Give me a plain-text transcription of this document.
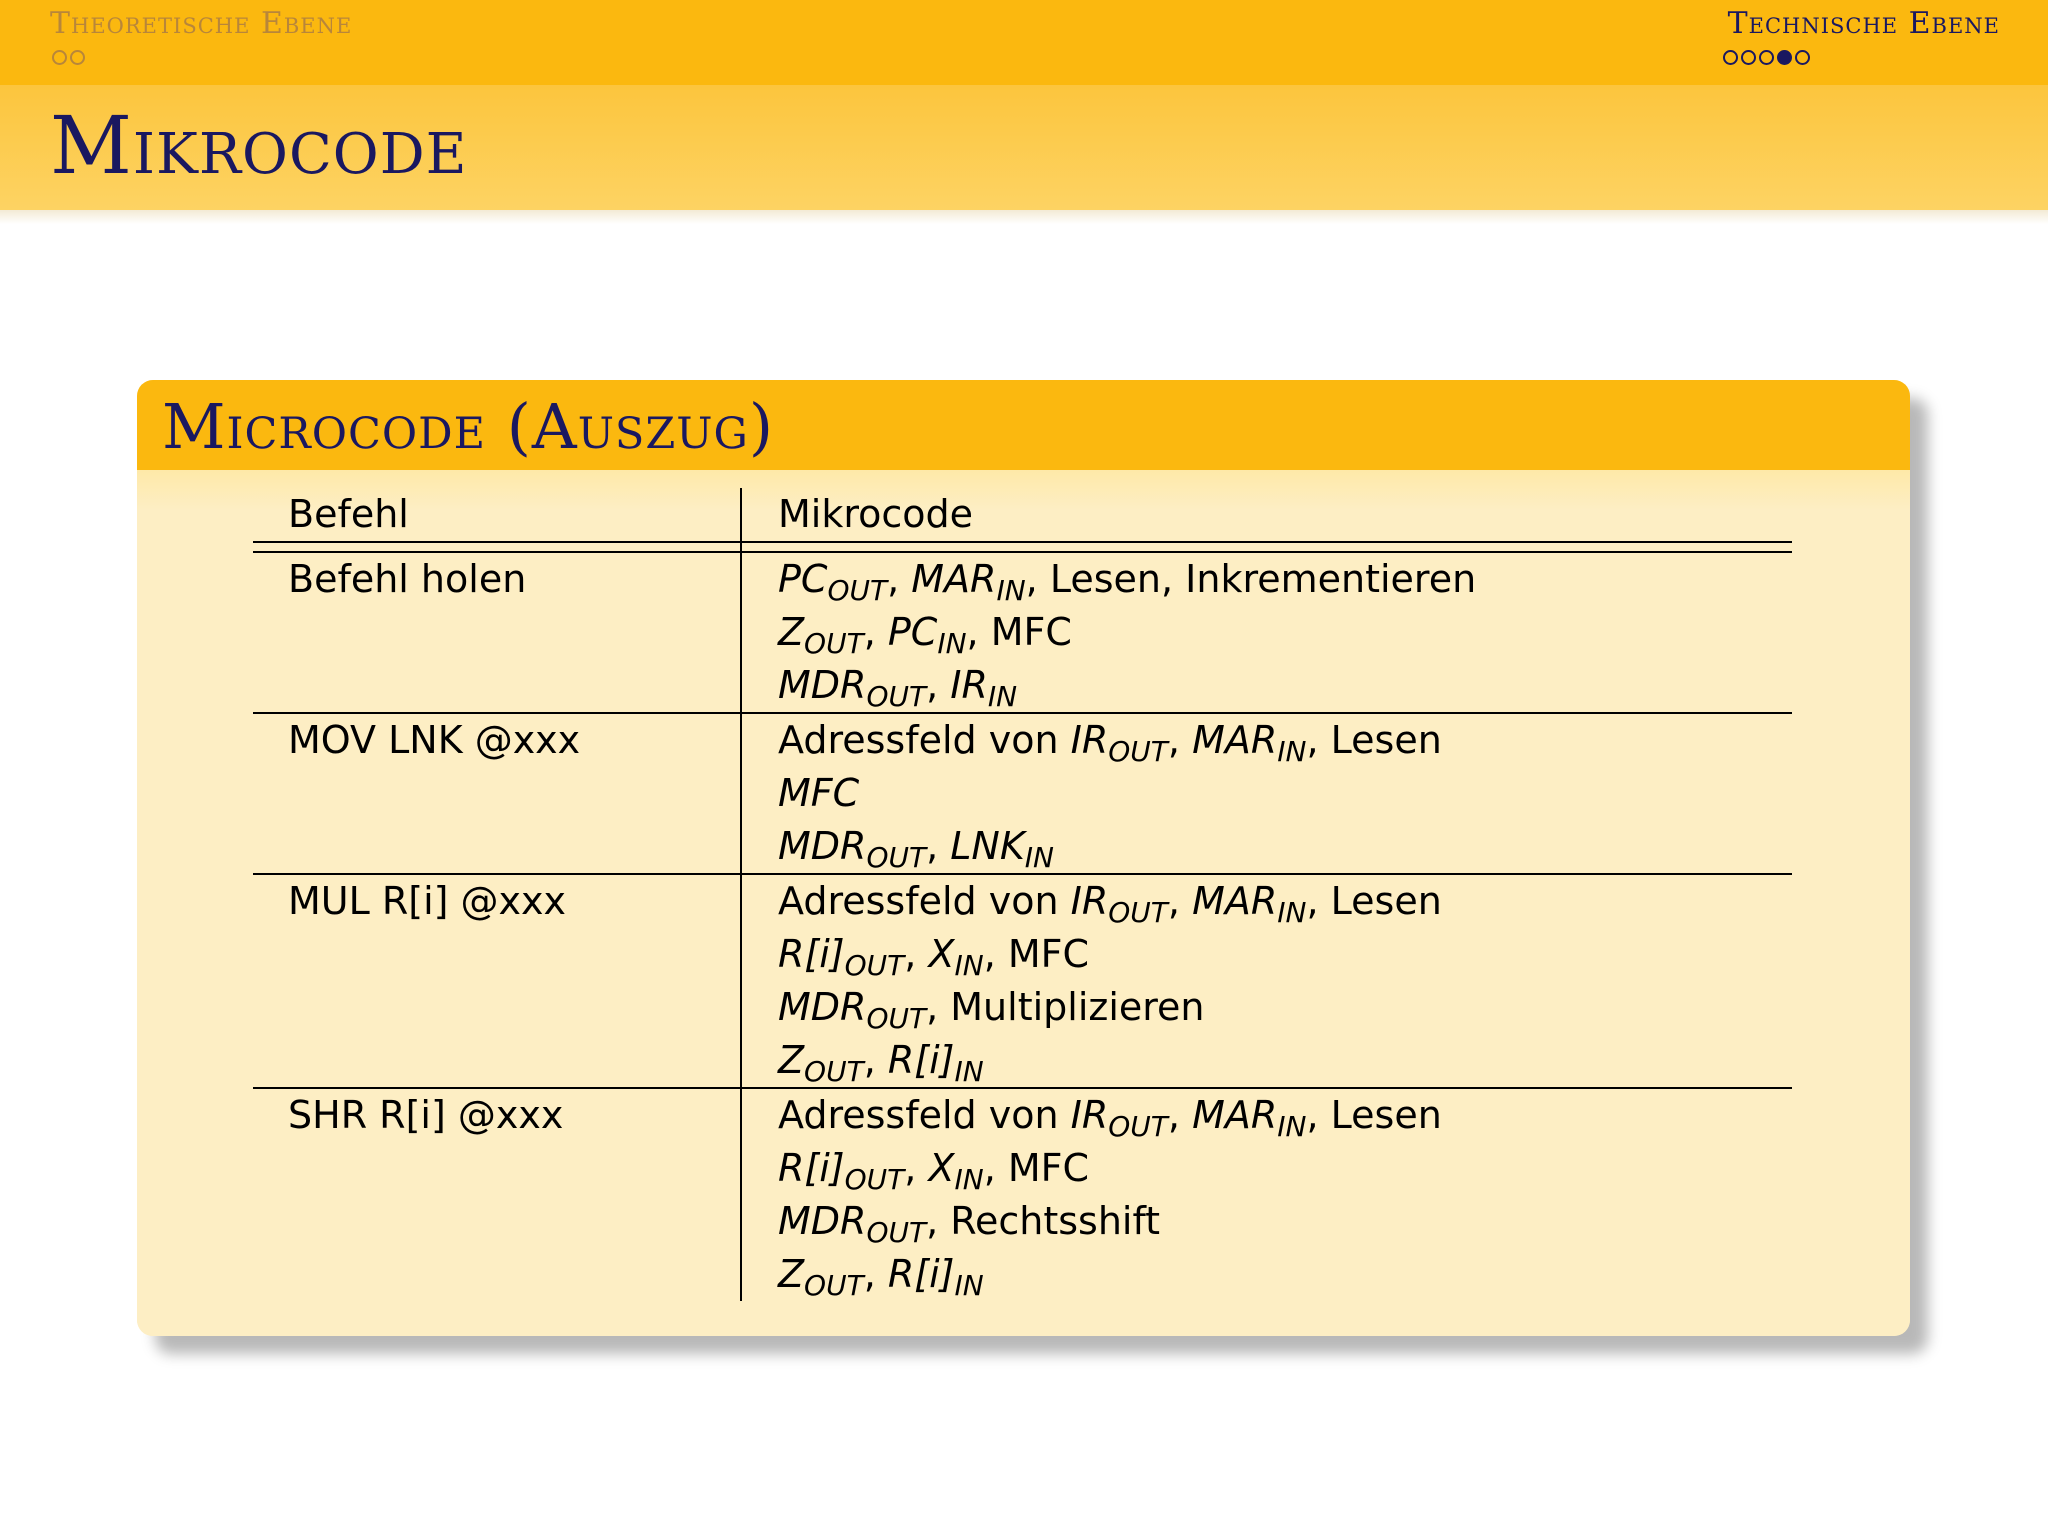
Theoretische Ebene	Technische Ebene
Mikrocode
Microcode (Auszug)
Befehl	Mikrocode
Befehl holen	$PC_{OUT}$, $MAR_{IN}$, Lesen, Inkrementieren
$Z_{OUT}$, $PC_{IN}$, MFC
$MDR_{OUT}$, $IR_{IN}$
MOV LNK @xxx	Adressfeld von $IR_{OUT}$, $MAR_{IN}$, Lesen
MFC
$MDR_{OUT}$, $LNK_{IN}$
MUL R[i] @xxx	Adressfeld von $IR_{OUT}$, $MAR_{IN}$, Lesen
$R[i]_{OUT}$, $X_{IN}$, MFC
$MDR_{OUT}$, Multiplizieren
$Z_{OUT}$, $R[i]_{IN}$
SHR R[i] @xxx	Adressfeld von $IR_{OUT}$, $MAR_{IN}$, Lesen
$R[i]_{OUT}$, $X_{IN}$, MFC
$MDR_{OUT}$, Rechtsshift
$Z_{OUT}$, $R[i]_{IN}$
